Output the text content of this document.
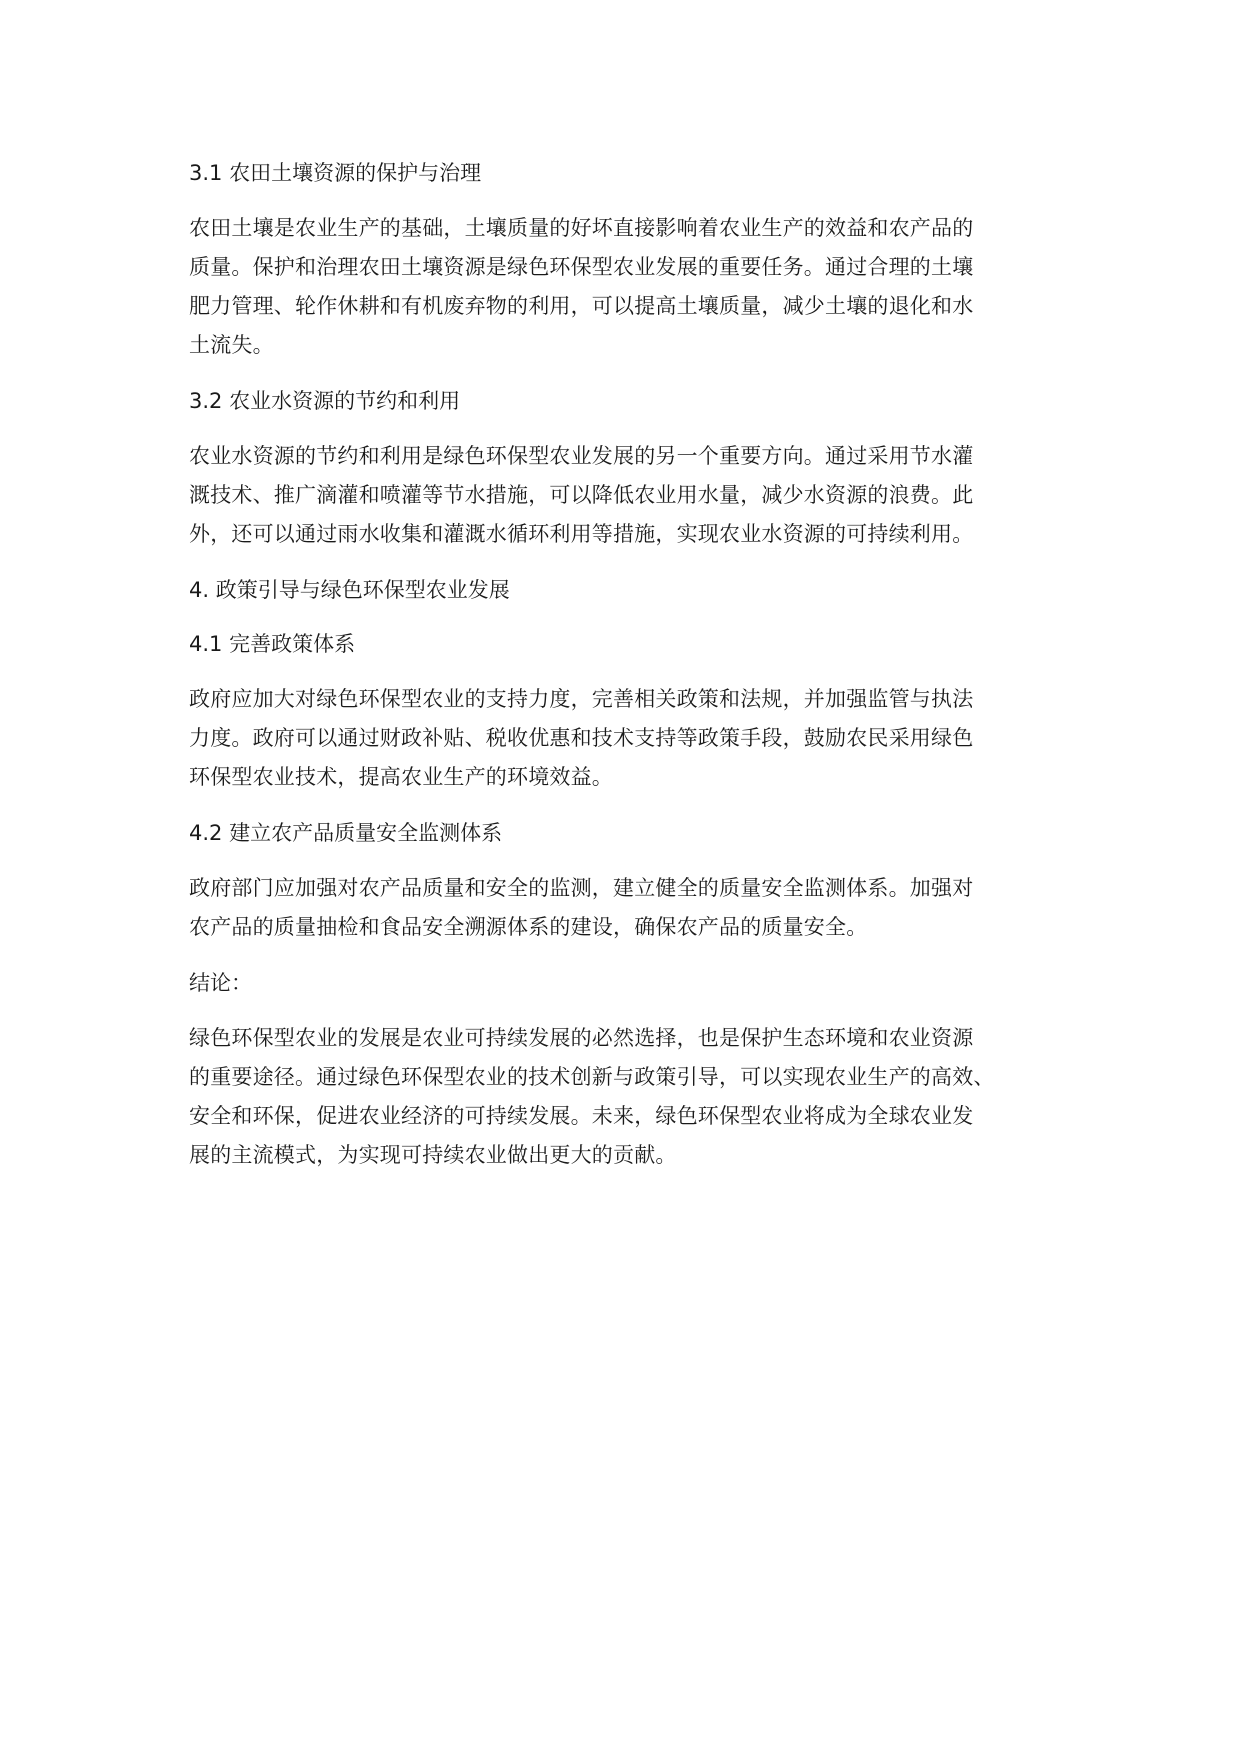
3.1 农田土壤资源的保护与治理

农田土壤是农业生产的基础，土壤质量的好坏直接影响着农业生产的效益和农产品的
质量。保护和治理农田土壤资源是绿色环保型农业发展的重要任务。通过合理的土壤
肥力管理、轮作休耕和有机废弃物的利用，可以提高土壤质量，减少土壤的退化和水
土流失。

3.2 农业水资源的节约和利用

农业水资源的节约和利用是绿色环保型农业发展的另一个重要方向。通过采用节水灌
溉技术、推广滴灌和喷灌等节水措施，可以降低农业用水量，减少水资源的浪费。此
外，还可以通过雨水收集和灌溉水循环利用等措施，实现农业水资源的可持续利用。

4. 政策引导与绿色环保型农业发展

4.1 完善政策体系

政府应加大对绿色环保型农业的支持力度，完善相关政策和法规，并加强监管与执法
力度。政府可以通过财政补贴、税收优惠和技术支持等政策手段，鼓励农民采用绿色
环保型农业技术，提高农业生产的环境效益。

4.2 建立农产品质量安全监测体系

政府部门应加强对农产品质量和安全的监测，建立健全的质量安全监测体系。加强对
农产品的质量抽检和食品安全溯源体系的建设，确保农产品的质量安全。

结论：

绿色环保型农业的发展是农业可持续发展的必然选择，也是保护生态环境和农业资源
的重要途径。通过绿色环保型农业的技术创新与政策引导，可以实现农业生产的高效、
安全和环保，促进农业经济的可持续发展。未来，绿色环保型农业将成为全球农业发
展的主流模式，为实现可持续农业做出更大的贡献。
